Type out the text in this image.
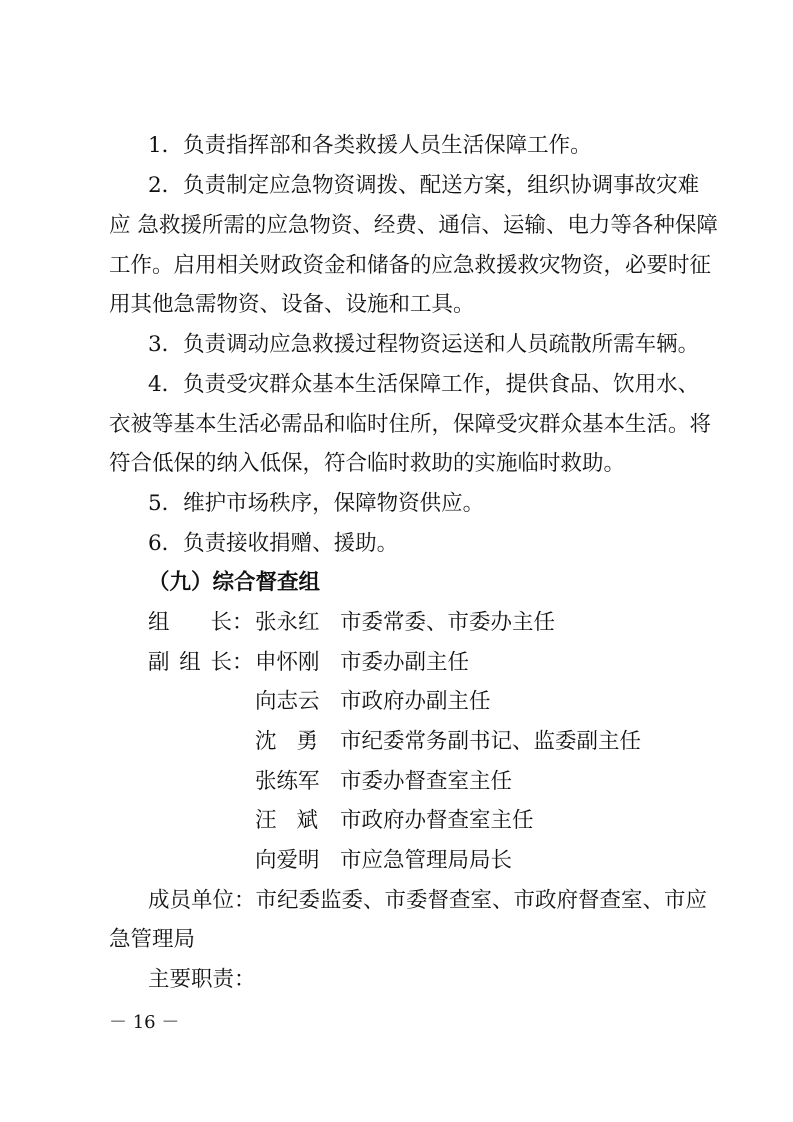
1．负责指挥部和各类救援人员生活保障工作。
2．负责制定应急物资调拨、配送方案，组织协调事故灾难
应 急救援所需的应急物资、经费、通信、运输、电力等各种保障
工作。启用相关财政资金和储备的应急救援救灾物资，必要时征
用其他急需物资、设备、设施和工具。
3．负责调动应急救援过程物资运送和人员疏散所需车辆。
4．负责受灾群众基本生活保障工作，提供食品、饮用水、
衣被等基本生活必需品和临时住所，保障受灾群众基本生活。将
符合低保的纳入低保，符合临时救助的实施临时救助。
5．维护市场秩序，保障物资供应。
6．负责接收捐赠、援助。
（九）综合督查组
组长 ： 张永红 市委常委、市委办主任
副组长 ： 申怀刚 市委办副主任
向志云 市政府办副主任
沈勇 市纪委常务副书记、监委副主任
张练军 市委办督查室主任
汪斌 市政府办督查室主任
向爱明 市应急管理局局长
成员单位：市纪委监委、市委督查室、市政府督查室、市应
急管理局
主要职责：
－ 16 －
